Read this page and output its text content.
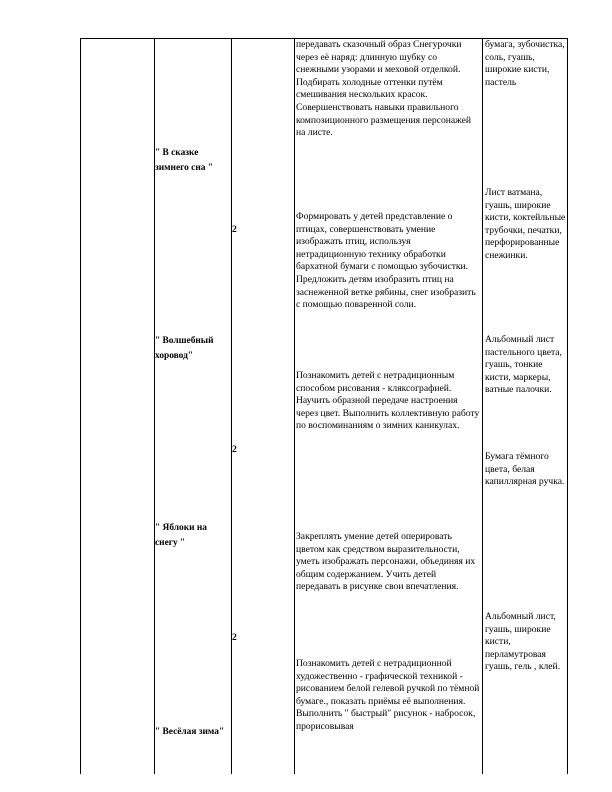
передавать сказочный образ Снегурочки через её наряд: длинную шубку со снежными узорами и меховой отделкой. Подбирать холодные оттенки путём смешивания нескольких красок. Совершенствовать навыки правильного композиционного размещения персонажей на листе.
бумага, зубочистка, соль, гуашь, широкие кисти, пастель
" В сказке зимнего сна "
Лист ватмана, гуашь, широкие кисти, коктейльные трубочки, печатки, перфорированные снежинки.
Формировать у детей представление о птицах, совершенствовать умение изображать птиц, используя нетрадиционную технику обработки бархатной бумаги с помощью зубочистки. Предложить детям изобразить птиц на заснеженной ветке рябины, снег изобразить с помощью поваренной соли.
2
" Волшебный хоровод"
Альбомный лист пастельного цвета, гуашь, тонкие кисти, маркеры, ватные палочки.
Познакомить детей с нетрадиционным способом рисования - кляксографией. Научить образной передаче настроения через цвет. Выполнить коллективную работу по воспоминаниям о зимних каникулах.
2
Бумага тёмного цвета, белая капиллярная ручка.
" Яблоки на снегу "
Закреплять умение детей оперировать цветом как средством выразительности, уметь изображать персонажи, объединяя их общим содержанием. Учить детей передавать в рисунке свои впечатления.
Альбомный лист, гуашь, широкие кисти, перламутровая гуашь, гель , клей.
2
Познакомить детей с нетрадиционной художественно - графической техникой - рисованием белой гелевой ручкой по тёмной бумаге., показать приёмы её выполнения. Выполнить " быстрый" рисунок - набросок, прорисовывая
" Весёлая зима"
